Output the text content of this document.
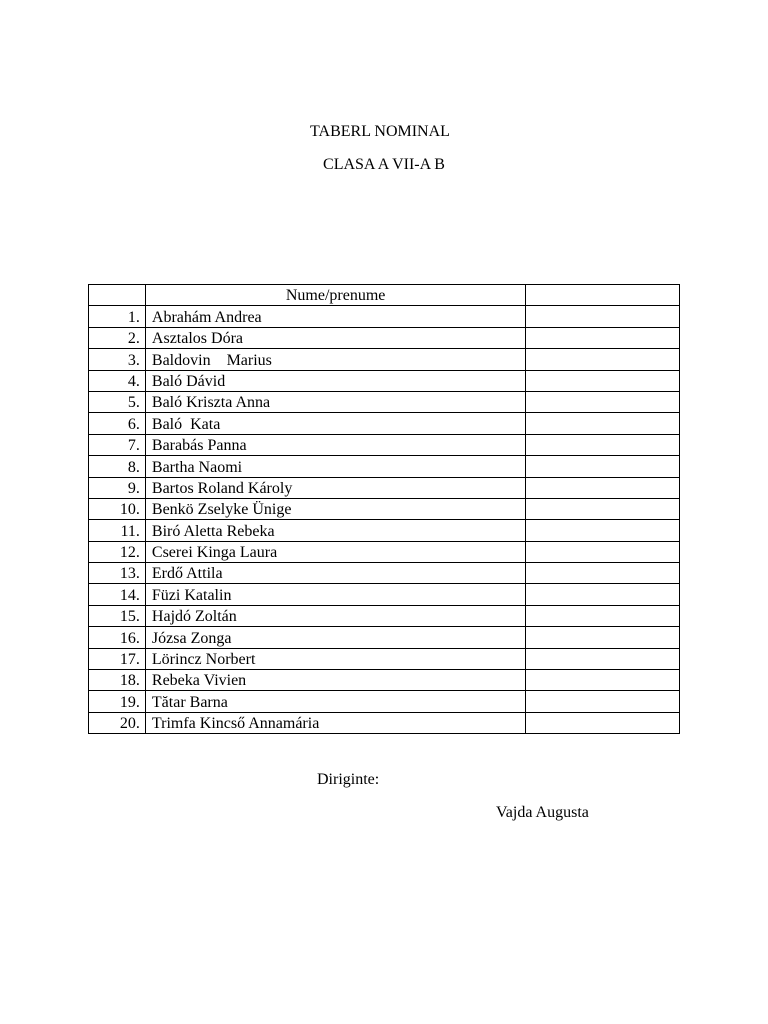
TABERL NOMINAL
CLASA A VII-A B
	Nume/prenume	
1.	Abrahám Andrea	
2.	Asztalos Dóra	
3.	Baldovin    Marius	
4.	Baló Dávid	
5.	Baló Kriszta Anna	
6.	Baló  Kata	
7.	Barabás Panna	
8.	Bartha Naomi	
9.	Bartos Roland Károly	
10.	Benkö Zselyke Ünige	
11.	Biró Aletta Rebeka	
12.	Cserei Kinga Laura	
13.	Erdő Attila	
14.	Füzi Katalin	
15.	Hajdó Zoltán	
16.	Józsa Zonga	
17.	Lörincz Norbert	
18.	Rebeka Vivien	
19.	Tătar Barna	
20.	Trimfa Kincső Annamária	
Diriginte:
Vajda Augusta
